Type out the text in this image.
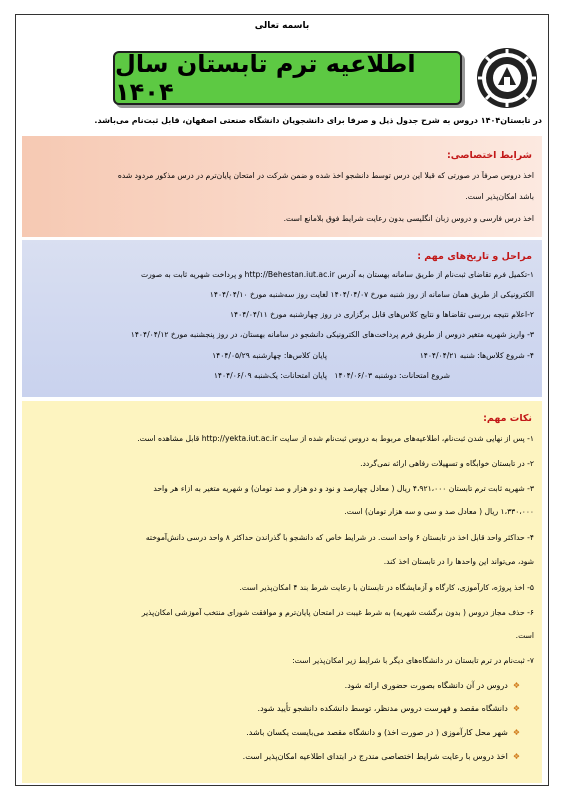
باسمه تعالی
اطلاعیه ترم تابستان سال ۱۴۰۴
در تابستان۱۴۰۴ دروس به شرح جدول ذیل و صرفا برای دانشجویان دانشگاه صنعتی اصفهان، قابل ثبت‌نام می‌باشد.
شرایط اختصاصی:
اخذ دروس صرفاً در صورتی که قبلا این درس توسط دانشجو اخذ شده و ضمن شرکت در امتحان پایان‌ترم در درس مذکور مردود شده
باشد امکان‌پذیر است.
اخذ درس فارسی و دروس زبان انگلیسی بدون رعایت شرایط فوق بلامانع است.
مراحل و تاریخ‌های مهم :
۱-تکمیل فرم تقاضای ثبت‌نام از طریق سامانه بهستان به آدرس http://Behestan.iut.ac.ir و پرداخت شهریه ثابت به صورت
الکترونیکی از طریق همان سامانه از روز شنبه مورخ ۱۴۰۴/۰۴/۰۷ لغایت روز سه‌شنبه مورخ ۱۴۰۴/۰۴/۱۰
۲-اعلام نتیجه بررسی تقاضاها و نتایج کلاس‌های قابل برگزاری در روز چهارشنبه مورخ ۱۴۰۴/۰۴/۱۱
۳- واریز شهریه متغیر دروس از طریق فرم پرداخت‌های الکترونیکی دانشجو در سامانه بهستان، در روز پنجشنبه مورخ ۱۴۰۴/۰۴/۱۲
۴- شروع کلاس‌ها: شنبه ۱۴۰۴/۰۴/۲۱
پایان کلاس‌ها: چهارشنبه ۱۴۰۴/۰۵/۲۹
شروع امتحانات: دوشنبه ۱۴۰۴/۰۶/۰۳
پایان امتحانات: یک‌شنبه ۱۴۰۴/۰۶/۰۹
نکات مهم:
۱- پس از نهایی شدن ثبت‌نام، اطلاعیه‌های مربوط به دروس ثبت‌نام شده از سایت http://yekta.iut.ac.ir قابل مشاهده است.
۲- در تابستان خوابگاه و تسهیلات رفاهی ارائه نمی‌گردد.
۳- شهریه ثابت ترم تابستان ۴،۹۲۱،۰۰۰ ریال ( معادل چهارصد و نود و دو هزار و صد تومان) و شهریه متغیر به ازاء هر واحد
۱،۳۳۰،۰۰۰ ریال ( معادل صد و سی و سه هزار تومان) است.
۴- حداکثر واحد قابل اخذ در تابستان ۶ واحد است. در شرایط خاص که دانشجو با گذراندن حداکثر ۸ واحد درسی دانش‌آموخته
شود، می‌تواند این واحدها را در تابستان اخذ کند.
۵- اخذ پروژه، کارآموزی، کارگاه و آزمایشگاه در تابستان با رعایت شرط بند ۴ امکان‌پذیر است.
۶- حذف مجاز دروس ( بدون برگشت شهریه) به شرط غیبت در امتحان پایان‌ترم و موافقت شورای منتخب آموزشی امکان‌پذیر
است.
۷- ثبت‌نام در ترم تابستان در دانشگاه‌های دیگر با شرایط زیر امکان‌پذیر است:
❖دروس در آن دانشگاه بصورت حضوری ارائه شود.
❖دانشگاه مقصد و فهرست دروس مدنظر، توسط دانشکده دانشجو تأیید شود.
❖شهر محل کارآموزی ( در صورت اخذ) و دانشگاه مقصد می‌بایست یکسان باشد.
❖اخذ دروس با رعایت شرایط اختصاصی مندرج در ابتدای اطلاعیه امکان‌پذیر است.
